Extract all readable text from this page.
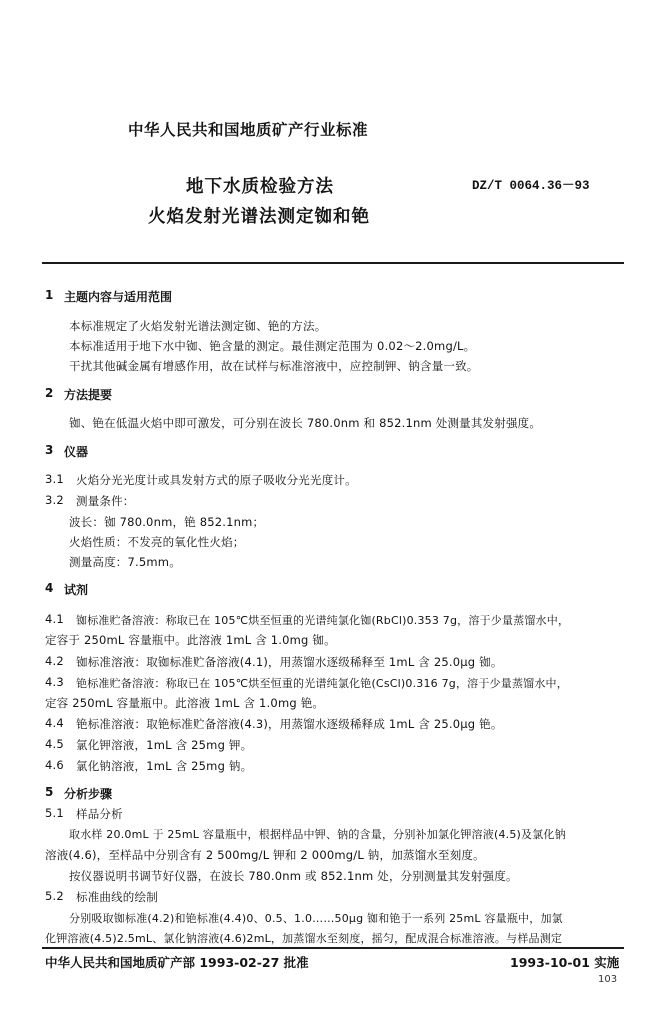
中华人民共和国地质矿产行业标准
地下水质检验方法
火焰发射光谱法测定铷和铯
DZ/T 0064.36－93
1 主题内容与适用范围
本标准规定了火焰发射光谱法测定铷、铯的方法。
本标准适用于地下水中铷、铯含量的测定。最佳测定范围为 0.02～2.0mg/L。
干扰其他碱金属有增感作用，故在试样与标准溶液中，应控制钾、钠含量一致。
2 方法提要
铷、铯在低温火焰中即可激发，可分别在波长 780.0nm 和 852.1nm 处测量其发射强度。
3 仪器
3.1 火焰分光光度计或具发射方式的原子吸收分光光度计。
3.2 测量条件：
波长：铷 780.0nm，铯 852.1nm；
火焰性质：不发亮的氧化性火焰；
测量高度：7.5mm。
4 试剂
4.1 铷标准贮备溶液：称取已在 105℃烘至恒重的光谱纯氯化铷(RbCl)0.353 7g，溶于少量蒸馏水中，
定容于 250mL 容量瓶中。此溶液 1mL 含 1.0mg 铷。
4.2 铷标准溶液：取铷标准贮备溶液(4.1)，用蒸馏水逐级稀释至 1mL 含 25.0μg 铷。
4.3 铯标准贮备溶液：称取已在 105℃烘至恒重的光谱纯氯化铯(CsCl)0.316 7g，溶于少量蒸馏水中，
定容 250mL 容量瓶中。此溶液 1mL 含 1.0mg 铯。
4.4 铯标准溶液：取铯标准贮备溶液(4.3)，用蒸馏水逐级稀释成 1mL 含 25.0μg 铯。
4.5 氯化钾溶液，1mL 含 25mg 钾。
4.6 氯化钠溶液，1mL 含 25mg 钠。
5 分析步骤
5.1 样品分析
取水样 20.0mL 于 25mL 容量瓶中，根据样品中钾、钠的含量，分别补加氯化钾溶液(4.5)及氯化钠
溶液(4.6)，至样品中分别含有 2 500mg/L 钾和 2 000mg/L 钠，加蒸馏水至刻度。
按仪器说明书调节好仪器，在波长 780.0nm 或 852.1nm 处，分别测量其发射强度。
5.2 标准曲线的绘制
分别吸取铷标准(4.2)和铯标准(4.4)0、0.5、1.0……50μg 铷和铯于一系列 25mL 容量瓶中，加氯
化钾溶液(4.5)2.5mL、氯化钠溶液(4.6)2mL，加蒸馏水至刻度，摇匀，配成混合标准溶液。与样品测定
中华人民共和国地质矿产部 1993-02-27 批准	1993-10-01 实施
103
